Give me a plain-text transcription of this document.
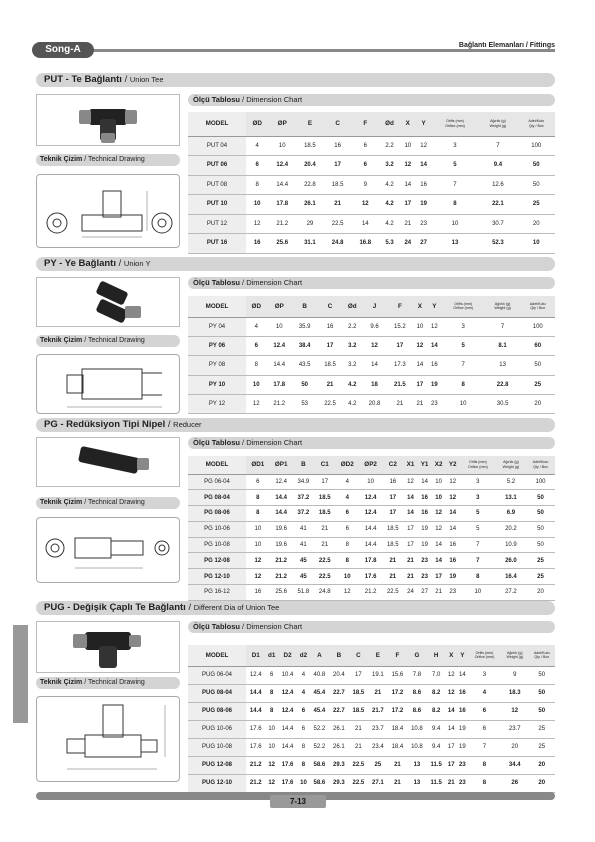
Song-A	Bağlantı Elemanları / Fittings
PUT - Te Bağlantı / Union Tee
Teknik Çizim / Technical Drawing
Ölçü Tablosu / Dimension Chart
MODEL	ØD	ØP	E	C	F	Ød	X	Y	Orifis (mm)
Orifice (mm)	Ağırlık (g)
Weight (g)	Adet/Kutu
Qty / Box

PUT 04	4	10	18.5	16	6	2.2	10	12	3	7	100
PUT 06	6	12.4	20.4	17	6	3.2	12	14	5	9.4	50
PUT 08	8	14.4	22.8	18.5	9	4.2	14	16	7	12.6	50
PUT 10	10	17.8	26.1	21	12	4.2	17	19	8	22.1	25
PUT 12	12	21.2	29	22.5	14	4.2	21	23	10	30.7	20
PUT 16	16	25.6	31.1	24.8	16.8	5.3	24	27	13	52.3	10
PY - Ye Bağlantı / Union Y
Teknik Çizim / Technical Drawing
Ölçü Tablosu / Dimension Chart
MODEL	ØD	ØP	B	C	Ød	J	F	X	Y	Orifis (mm)
Orifice (mm)	Ağırlık (g)
Weight (g)	Adet/Kutu
Qty / Box

PY 04	4	10	35.9	16	2.2	9.6	15.2	10	12	3	7	100
PY 06	6	12.4	38.4	17	3.2	12	17	12	14	5	8.1	60
PY 08	8	14.4	43.5	18.5	3.2	14	17.3	14	16	7	13	50
PY 10	10	17.8	50	21	4.2	18	21.5	17	19	8	22.8	25
PY 12	12	21.2	53	22.5	4.2	20.8	21	21	23	10	30.5	20
PG - Redüksiyon Tipi Nipel / Reducer
Teknik Çizim / Technical Drawing
Ölçü Tablosu / Dimension Chart
MODEL	ØD1	ØP1	B	C1	ØD2	ØP2	C2	X1	Y1	X2	Y2	Orifis (mm)
Orifice (mm)	Ağırlık (g)
Weight (g)	Adet/Kutu
Qty / Box

PG 06-04	6	12.4	34.9	17	4	10	16	12	14	10	12	3	5.2	100
PG 08-04	8	14.4	37.2	18.5	4	12.4	17	14	16	10	12	3	13.1	50
PG 08-06	8	14.4	37.2	18.5	6	12.4	17	14	16	12	14	5	6.9	50
PG 10-06	10	19.6	41	21	6	14.4	18.5	17	19	12	14	5	20.2	50
PG 10-08	10	19.6	41	21	8	14.4	18.5	17	19	14	16	7	10.9	50
PG 12-08	12	21.2	45	22.5	8	17.8	21	21	23	14	16	7	26.0	25
PG 12-10	12	21.2	45	22.5	10	17.6	21	21	23	17	19	8	16.4	25
PG 16-12	16	25.6	51.8	24.8	12	21.2	22.5	24	27	21	23	10	27.2	20
PUG - Değişik Çaplı Te Bağlantı / Different Dia of Union Tee
Teknik Çizim / Technical Drawing
Ölçü Tablosu / Dimension Chart
MODEL	D1	d1	D2	d2	A	B	C	E	F	G	H	X	Y	Orifis (mm)
Orifice (mm)	Ağırlık (g)
Weight (g)	Adet/Kutu
Qty / Box

PUG 06-04	12.4	6	10.4	4	40.8	20.4	17	19.1	15.6	7.8	7.0	12	14	3	9	50
PUG 08-04	14.4	8	12.4	4	45.4	22.7	18.5	21	17.2	8.6	8.2	12	16	4	18.3	50
PUG 08-06	14.4	8	12.4	6	45.4	22.7	18.5	21.7	17.2	8.6	8.2	14	16	6	12	50
PUG 10-06	17.6	10	14.4	6	52.2	26.1	21	23.7	18.4	10.8	9.4	14	19	6	23.7	25
PUG 10-08	17.6	10	14.4	8	52.2	26.1	21	23.4	18.4	10.8	9.4	17	19	7	20	25
PUG 12-08	21.2	12	17.6	8	58.6	29.3	22.5	25	21	13	11.5	17	23	8	34.4	20
PUG 12-10	21.2	12	17.6	10	58.6	29.3	22.5	27.1	21	13	11.5	21	23	8	26	20
7-13
